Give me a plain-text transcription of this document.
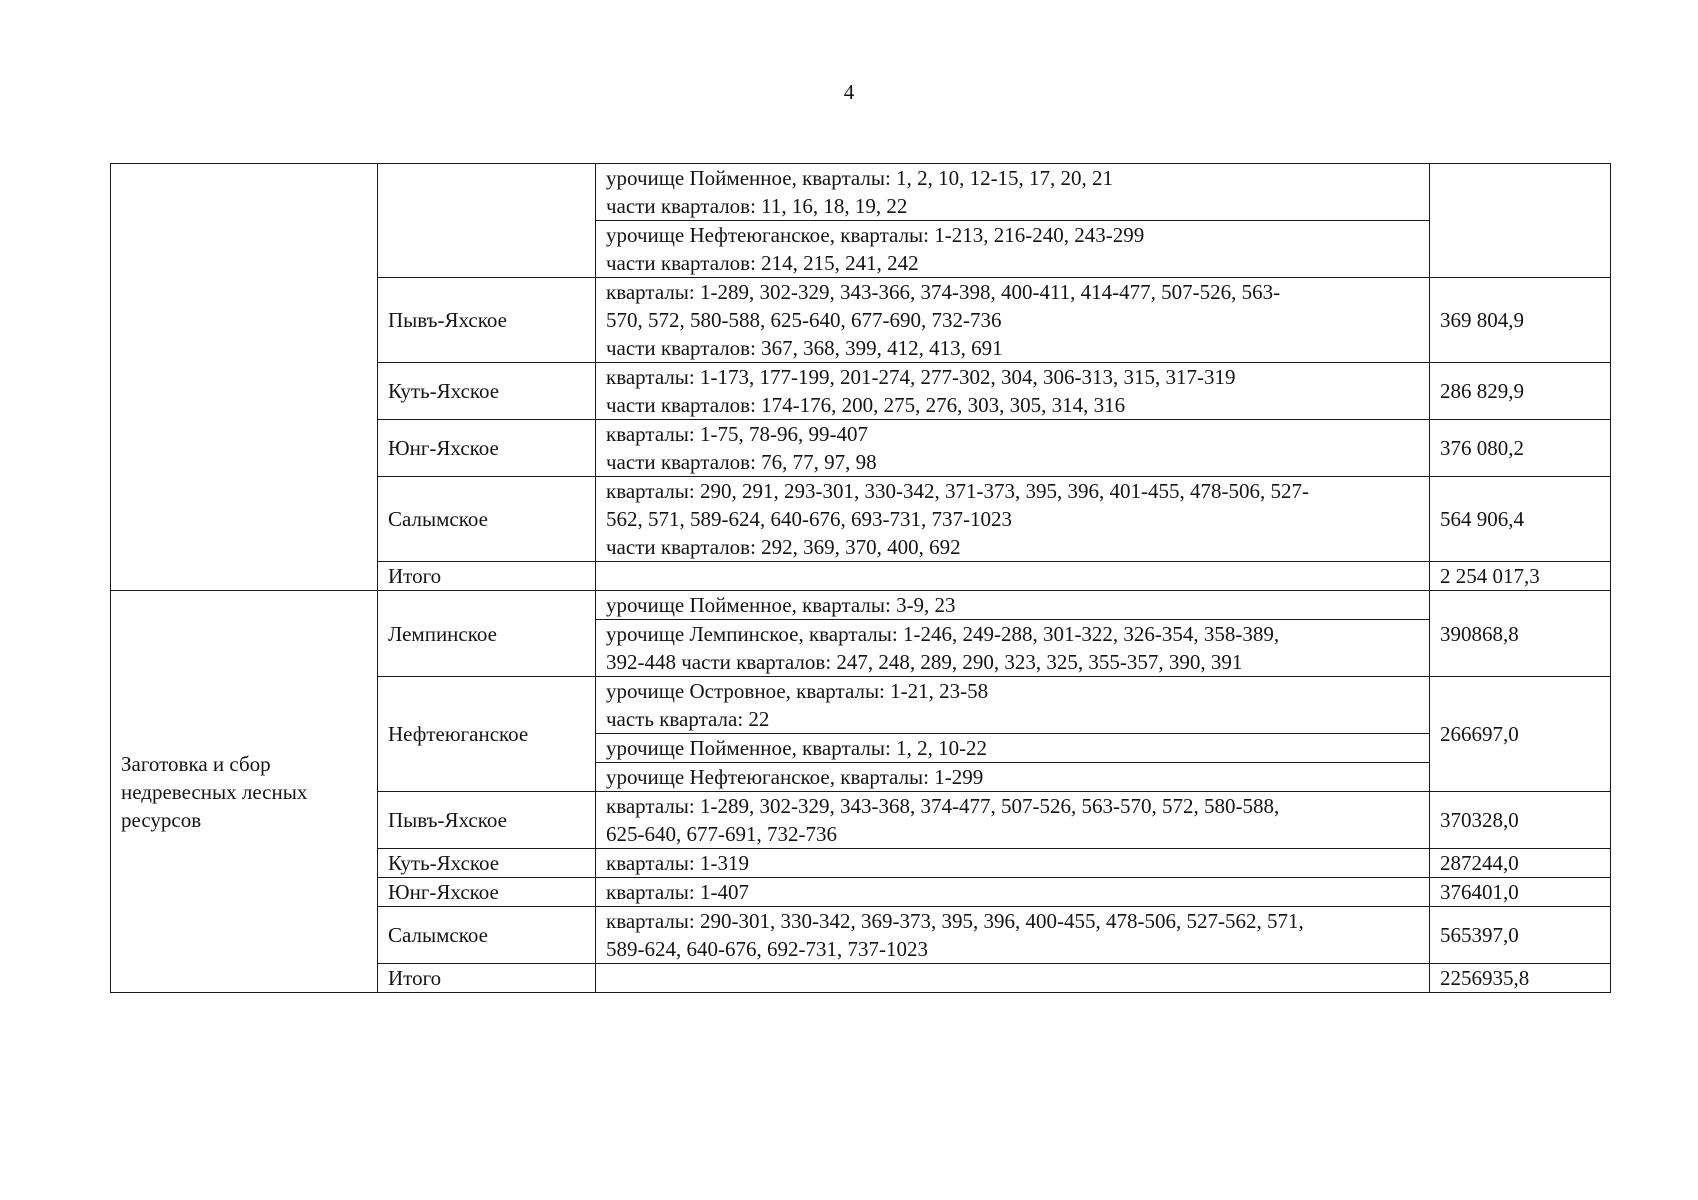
4

		урочище Пойменное, кварталы: 1, 2, 10, 12-15, 17, 20, 21
части кварталов: 11, 16, 18, 19, 22	

		урочище Нефтеюганское, кварталы: 1-213, 216-240, 243-299
части кварталов: 214, 215, 241, 242	

	Пывъ-Яхское	кварталы: 1-289, 302-329, 343-366, 374-398, 400-411, 414-477, 507-526, 563-
570, 572, 580-588, 625-640, 677-690, 732-736
части кварталов: 367, 368, 399, 412, 413, 691	369 804,9
	Куть-Яхское	кварталы: 1-173, 177-199, 201-274, 277-302, 304, 306-313, 315, 317-319
части кварталов: 174-176, 200, 275, 276, 303, 305, 314, 316	286 829,9
	Юнг-Яхское	кварталы: 1-75, 78-96, 99-407
части кварталов: 76, 77, 97, 98	376 080,2
	Салымское	кварталы: 290, 291, 293-301, 330-342, 371-373, 395, 396, 401-455, 478-506, 527-
562, 571, 589-624, 640-676, 693-731, 737-1023
части кварталов: 292, 369, 370, 400, 692	564 906,4
	Итого		2 254 017,3
Заготовка и сбор недревесных лесных ресурсов	Лемпинское	урочище Пойменное, кварталы: 3-9, 23	390868,8

		урочище Лемпинское, кварталы: 1-246, 249-288, 301-322, 326-354, 358-389,
392-448 части кварталов: 247, 248, 289, 290, 323, 325, 355-357, 390, 391	

	Нефтеюганское	урочище Островное, кварталы: 1-21, 23-58
часть квартала: 22	266697,0

		урочище Пойменное, кварталы: 1, 2, 10-22	

		урочище Нефтеюганское, кварталы: 1-299	

	Пывъ-Яхское	кварталы: 1-289, 302-329, 343-368, 374-477, 507-526, 563-570, 572, 580-588,
625-640, 677-691, 732-736	370328,0
	Куть-Яхское	кварталы: 1-319	287244,0
	Юнг-Яхское	кварталы: 1-407	376401,0
	Салымское	кварталы: 290-301, 330-342, 369-373, 395, 396, 400-455, 478-506, 527-562, 571,
589-624, 640-676, 692-731, 737-1023	565397,0
	Итого		2256935,8
